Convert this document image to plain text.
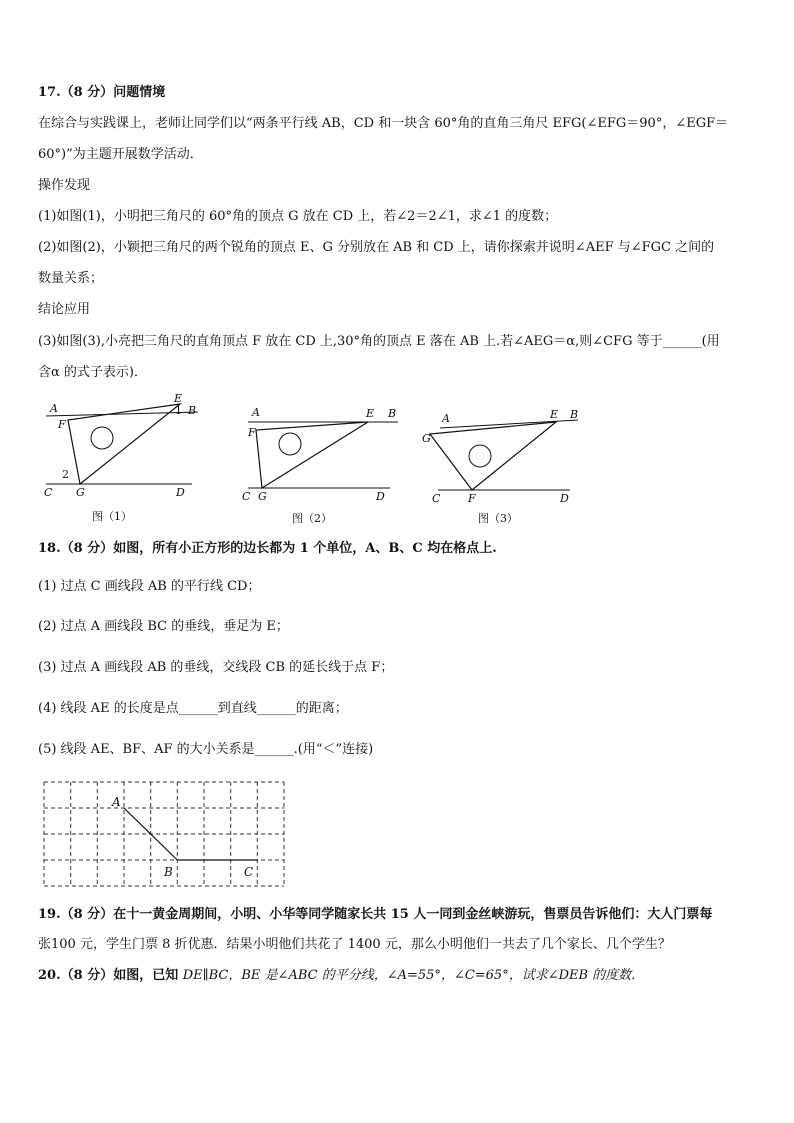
17.（8 分）问题情境
在综合与实践课上，老师让同学们以“两条平行线 AB，CD 和一块含 60°角的直角三角尺 EFG(∠EFG＝90°，∠EGF＝
60°)”为主题开展数学活动．
操作发现
(1)如图(1)，小明把三角尺的 60°角的顶点 G 放在 CD 上，若∠2＝2∠1，求∠1 的度数；
(2)如图(2)，小颖把三角尺的两个锐角的顶点 E、G 分别放在 AB 和 CD 上，请你探索并说明∠AEF 与∠FGC 之间的
数量关系；
结论应用
(3)如图(3),小亮把三角尺的直角顶点 F 放在 CD 上,30°角的顶点 E 落在 AB 上.若∠AEG＝α,则∠CFG 等于______(用
含α 的式子表示)．
A	B
E
F
1
2
C G	D
图（1）
A	E B
F
C G	D
图（2）
A	E B
G
C	F	D
图（3）
18.（8 分）如图，所有小正方形的边长都为 1 个单位，A、B、C 均在格点上.
(1) 过点 C 画线段 AB 的平行线 CD；
(2) 过点 A 画线段 BC 的垂线，垂足为 E；
(3) 过点 A 画线段 AB 的垂线，交线段 CB 的延长线于点 F；
(4) 线段 AE 的长度是点______到直线______的距离；
(5) 线段 AE、BF、AF 的大小关系是______.(用“＜”连接)
A
B	C
19.（8 分）在十一黄金周期间，小明、小华等同学随家长共 15 人一同到金丝峡游玩，售票员告诉他们：大人门票每
张100 元，学生门票 8 折优惠．结果小明他们共花了 1400 元，那么小明他们一共去了几个家长、几个学生？
20.（8 分）如图，已知 DE∥BC，BE 是∠ABC 的平分线，∠A=55°，∠C=65°，试求∠DEB 的度数．
